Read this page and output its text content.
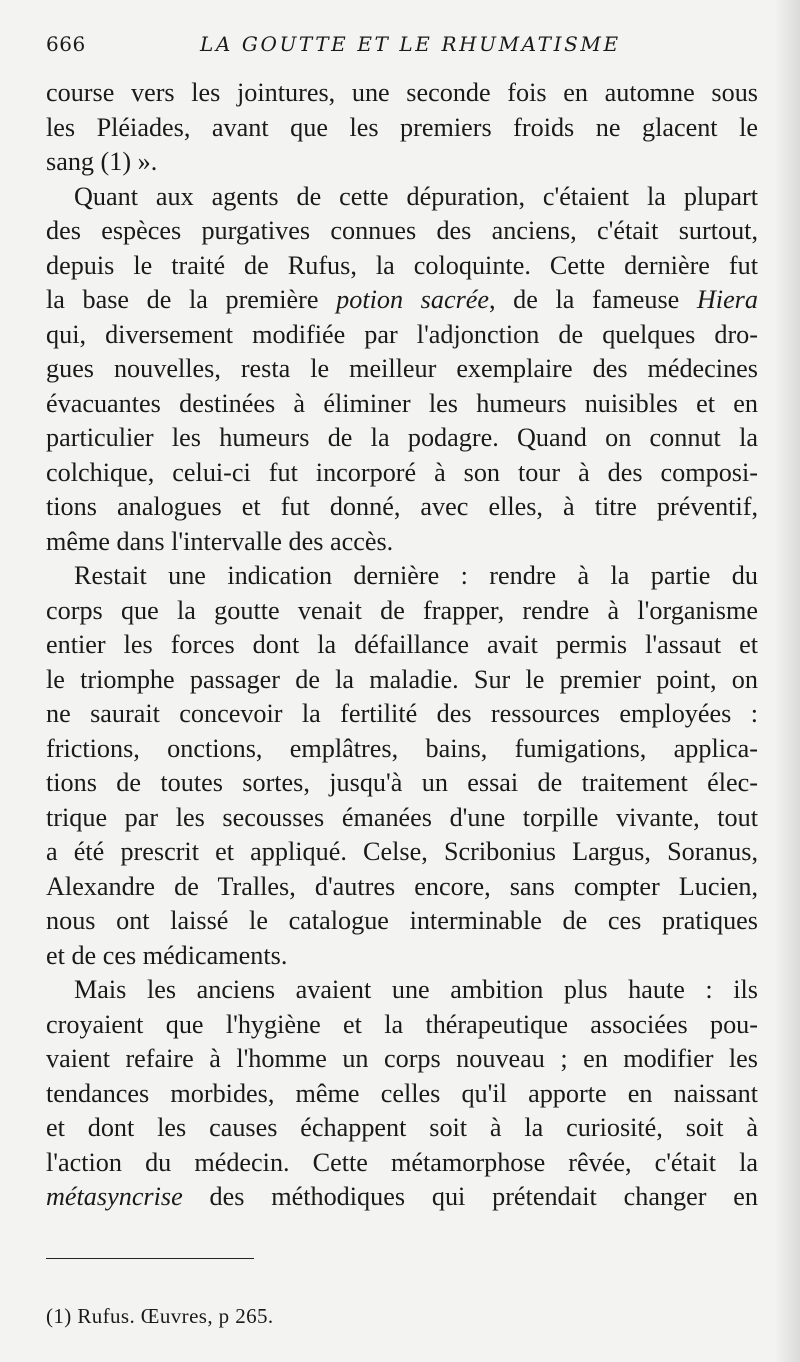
666	LA GOUTTE ET LE RHUMATISME
course vers les jointures, une seconde fois en automne sous
les Pléiades, avant que les premiers froids ne glacent le
sang (1) ».
Quant aux agents de cette dépuration, c'étaient la plupart
des espèces purgatives connues des anciens, c'était surtout,
depuis le traité de Rufus, la coloquinte. Cette dernière fut
la base de la première potion sacrée, de la fameuse Hiera
qui, diversement modifiée par l'adjonction de quelques dro-
gues nouvelles, resta le meilleur exemplaire des médecines
évacuantes destinées à éliminer les humeurs nuisibles et en
particulier les humeurs de la podagre. Quand on connut la
colchique, celui-ci fut incorporé à son tour à des composi-
tions analogues et fut donné, avec elles, à titre préventif,
même dans l'intervalle des accès.
Restait une indication dernière : rendre à la partie du
corps que la goutte venait de frapper, rendre à l'organisme
entier les forces dont la défaillance avait permis l'assaut et
le triomphe passager de la maladie. Sur le premier point, on
ne saurait concevoir la fertilité des ressources employées :
frictions, onctions, emplâtres, bains, fumigations, applica-
tions de toutes sortes, jusqu'à un essai de traitement élec-
trique par les secousses émanées d'une torpille vivante, tout
a été prescrit et appliqué. Celse, Scribonius Largus, Soranus,
Alexandre de Tralles, d'autres encore, sans compter Lucien,
nous ont laissé le catalogue interminable de ces pratiques
et de ces médicaments.
Mais les anciens avaient une ambition plus haute : ils
croyaient que l'hygiène et la thérapeutique associées pou-
vaient refaire à l'homme un corps nouveau ; en modifier les
tendances morbides, même celles qu'il apporte en naissant
et dont les causes échappent soit à la curiosité, soit à
l'action du médecin. Cette métamorphose rêvée, c'était la
métasyncrise des méthodiques qui prétendait changer en
(1) Rufus. Œuvres, p 265.
